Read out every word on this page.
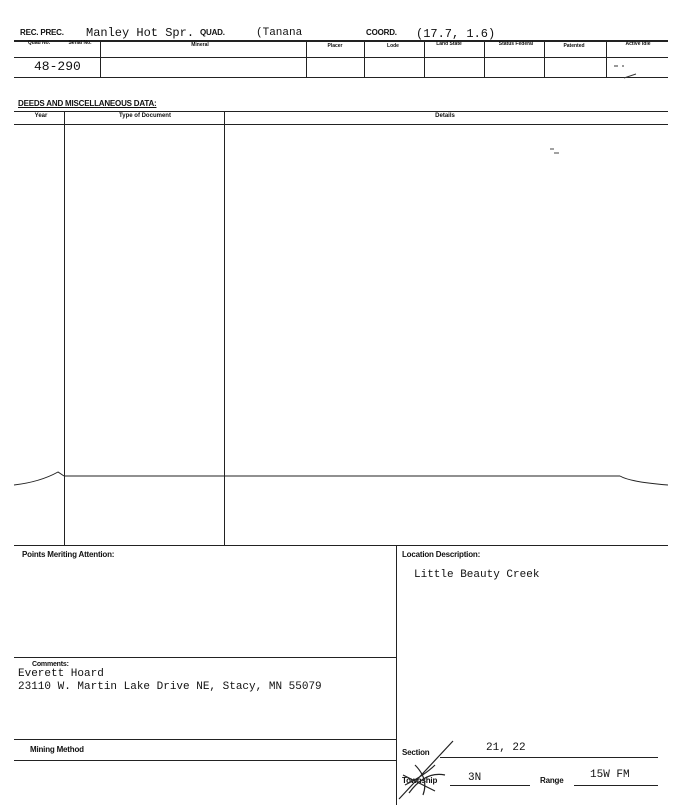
REC. PREC. Manley Hot Spr. QUAD.	(Tanana	COORD. (17.7, 1.6)
Quad No.	Serial No.	Mineral	Placer	Lode	Land State	Status Federal	Patented	Active Idle
48-290
DEEDS AND MISCELLANEOUS DATA:
Year	Type of Document	Details
Points Meriting Attention:	Location Description:
Little Beauty Creek
Comments:
Everett Hoard
23110 W. Martin Lake Drive NE, Stacy, MN 55079
Mining Method	Section	21, 22
Township	3N	Range 15W FM
